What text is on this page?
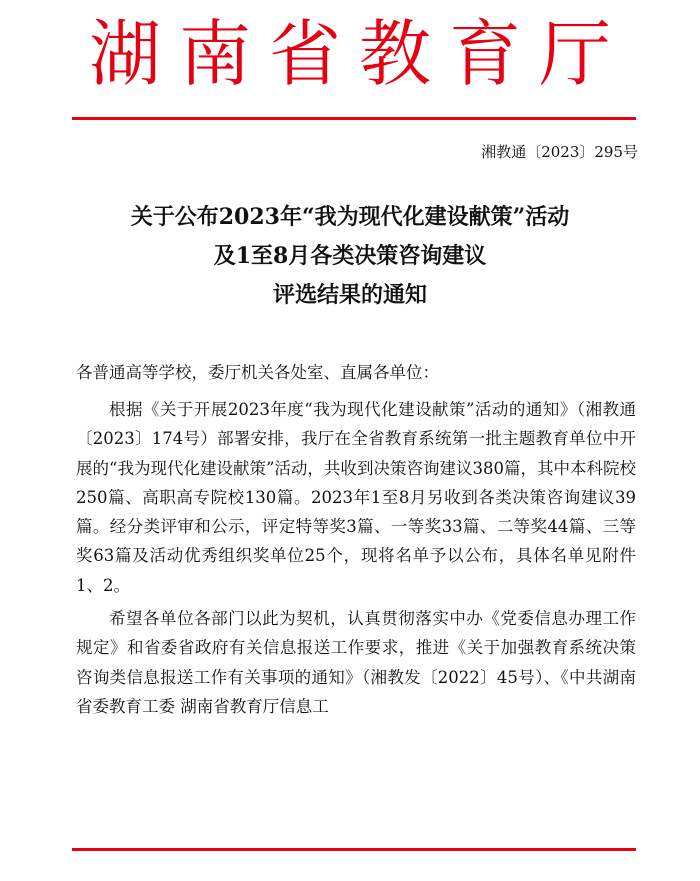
湖南省教育厅
湘教通〔2023〕295号
关于公布2023年“我为现代化建设献策”活动
及1至8月各类决策咨询建议
评选结果的通知
各普通高等学校，委厅机关各处室、直属各单位：

根据《关于开展2023年度“我为现代化建设献策”活动的通知》（湘教通〔2023〕174号）部署安排，我厅在全省教育系统第一批主题教育单位中开展的“我为现代化建设献策”活动，共收到决策咨询建议380篇，其中本科院校250篇、高职高专院校130篇。2023年1至8月另收到各类决策咨询建议39篇。经分类评审和公示，评定特等奖3篇、一等奖33篇、二等奖44篇、三等奖63篇及活动优秀组织奖单位25个，现将名单予以公布，具体名单见附件1、2。

希望各单位各部门以此为契机，认真贯彻落实中办《党委信息办理工作规定》和省委省政府有关信息报送工作要求，推进《关于加强教育系统决策咨询类信息报送工作有关事项的通知》（湘教发〔2022〕45号）、《中共湖南省委教育工委 湖南省教育厅信息工
